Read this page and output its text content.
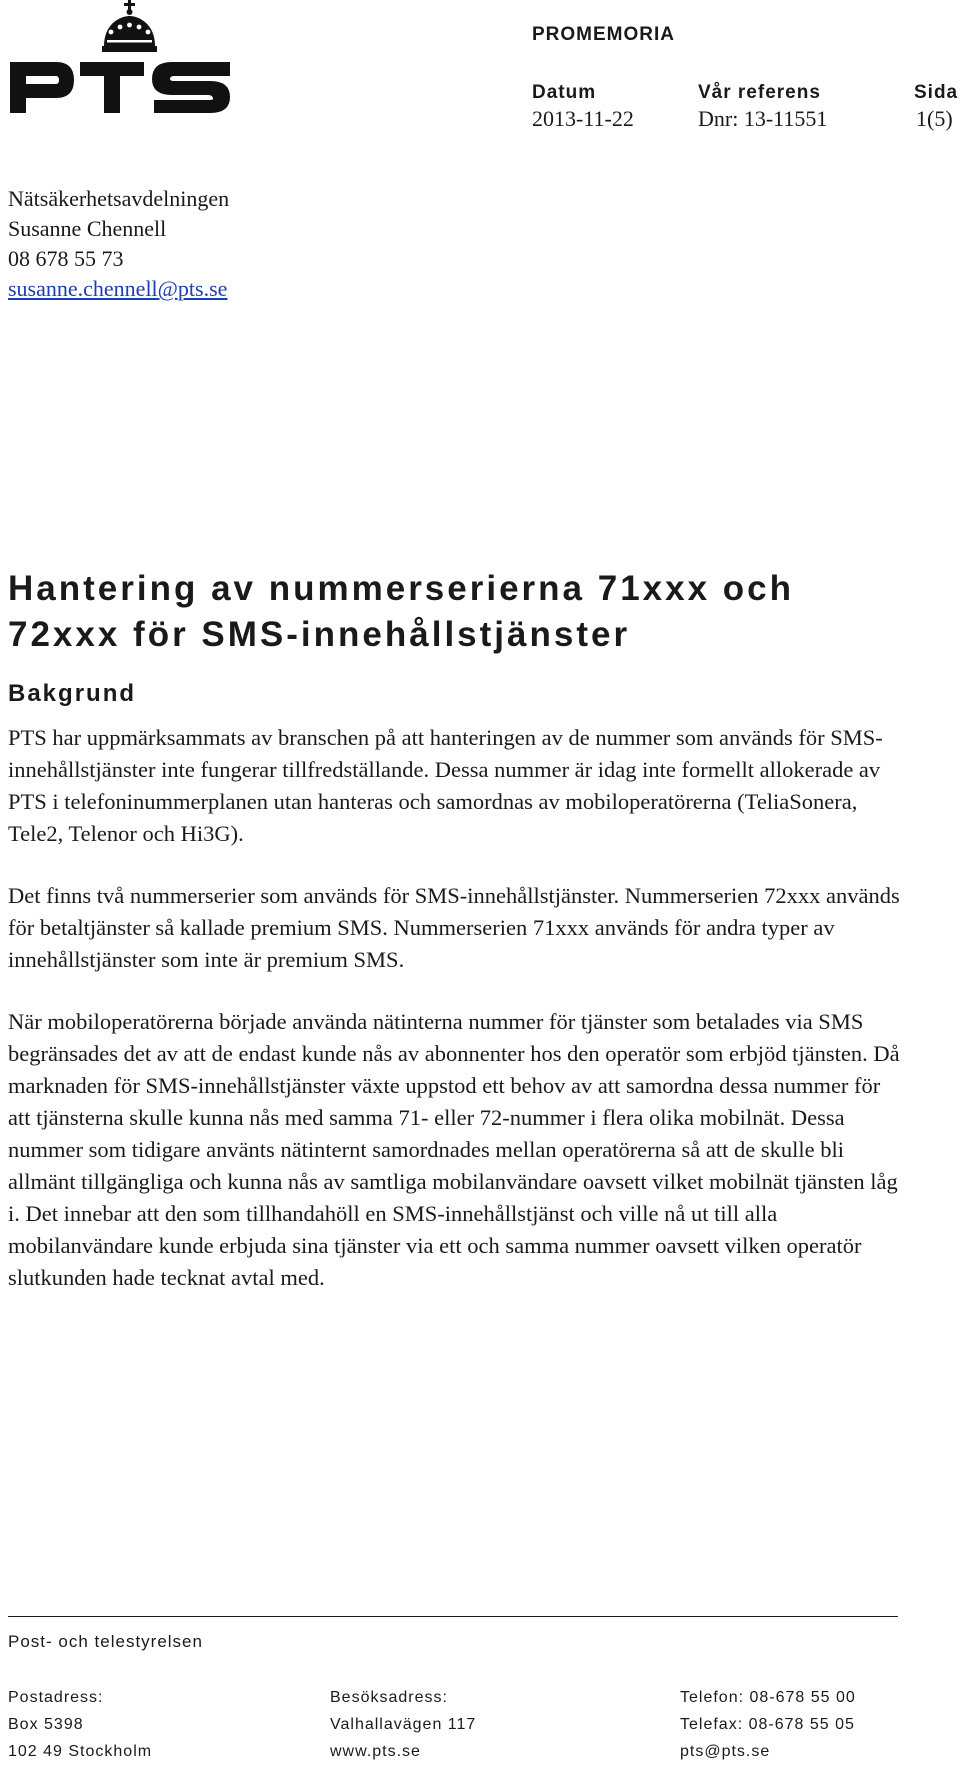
PROMEMORIA
Datum	Vår referens	Sida
2013-11-22	Dnr: 13-11551	1(5)
Nätsäkerhetsavdelningen
Susanne Chennell
08 678 55 73
susanne.chennell@pts.se
Hantering av nummerserierna 71xxx och 72xxx för SMS-innehållstjänster
Bakgrund

PTS har uppmärksammats av branschen på att hanteringen av de nummer som används för SMS-innehållstjänster inte fungerar tillfredställande. Dessa nummer är idag inte formellt allokerade av PTS i telefoninummerplanen utan hanteras och samordnas av mobiloperatörerna (TeliaSonera, Tele2, Telenor och Hi3G).

Det finns två nummerserier som används för SMS-innehållstjänster. Nummerserien 72xxx används för betaltjänster så kallade premium SMS. Nummerserien 71xxx används för andra typer av innehållstjänster som inte är premium SMS.

När mobiloperatörerna började använda nätinterna nummer för tjänster som betalades via SMS begränsades det av att de endast kunde nås av abonnenter hos den operatör som erbjöd tjänsten. Då marknaden för SMS-innehållstjänster växte uppstod ett behov av att samordna dessa nummer för att tjänsterna skulle kunna nås med samma 71- eller 72-nummer i flera olika mobilnät. Dessa nummer som tidigare använts nätinternt samordnades mellan operatörerna så att de skulle bli allmänt tillgängliga och kunna nås av samtliga mobilanvändare oavsett vilket mobilnät tjänsten låg i. Det innebar att den som tillhandahöll en SMS-innehållstjänst och ville nå ut till alla mobilanvändare kunde erbjuda sina tjänster via ett och samma nummer oavsett vilken operatör slutkunden hade tecknat avtal med.

Post- och telestyrelsen
Postadress:
Box 5398
102 49 Stockholm
Besöksadress:
Valhallavägen 117
www.pts.se
Telefon: 08-678 55 00
Telefax: 08-678 55 05
pts@pts.se
